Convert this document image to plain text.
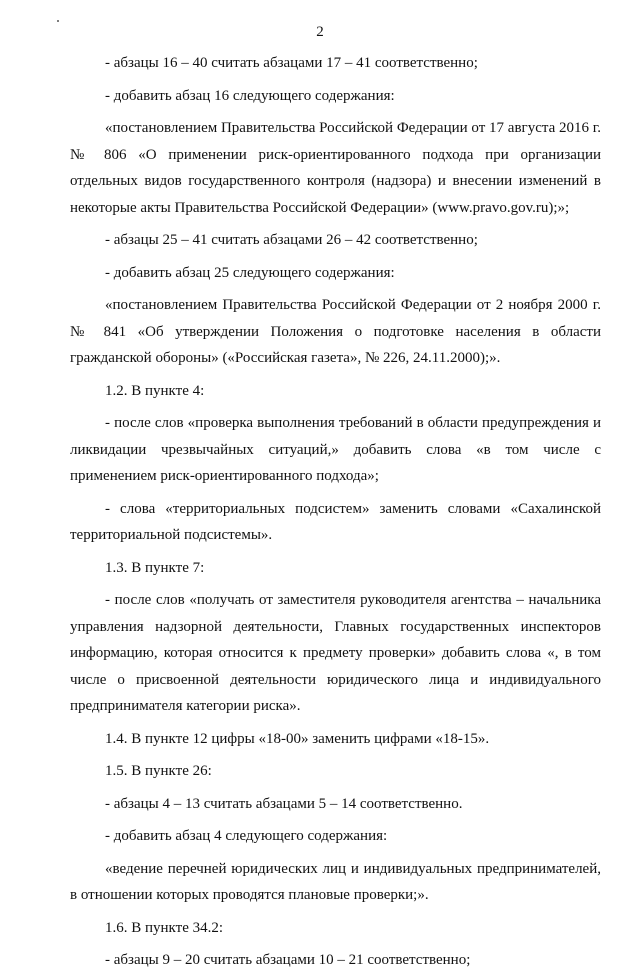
2

- абзацы 16 – 40 считать абзацами 17 – 41 соответственно;

- добавить абзац 16 следующего содержания:

«постановлением Правительства Российской Федерации от 17 августа 2016 г. № 806 «О применении риск-ориентированного подхода при организации отдельных видов государственного контроля (надзора) и внесении изменений в некоторые акты Правительства Российской Федерации» (www.pravo.gov.ru);»;

- абзацы 25 – 41 считать абзацами 26 – 42 соответственно;

- добавить абзац 25 следующего содержания:

«постановлением Правительства Российской Федерации от 2 ноября 2000 г. № 841 «Об утверждении Положения о подготовке населения в области гражданской обороны» («Российская газета», № 226, 24.11.2000);».

1.2. В пункте 4:

- после слов «проверка выполнения требований в области предупреждения и ликвидации чрезвычайных ситуаций,» добавить слова «в том числе с применением риск-ориентированного подхода»;

- слова «территориальных подсистем» заменить словами «Сахалинской территориальной подсистемы».

1.3. В пункте 7:

- после слов «получать от заместителя руководителя агентства – начальника управления надзорной деятельности, Главных государственных инспекторов информацию, которая относится к предмету проверки» добавить слова «, в том числе о присвоенной деятельности юридического лица и индивидуального предпринимателя категории риска».

1.4. В пункте 12 цифры «18-00» заменить цифрами «18-15».

1.5. В пункте 26:

- абзацы 4 – 13 считать абзацами 5 – 14 соответственно.

- добавить абзац 4 следующего содержания:

«ведение перечней юридических лиц и индивидуальных предпринимателей, в отношении которых проводятся плановые проверки;».

1.6. В пункте 34.2:

- абзацы 9 – 20 считать абзацами 10 – 21 соответственно;
